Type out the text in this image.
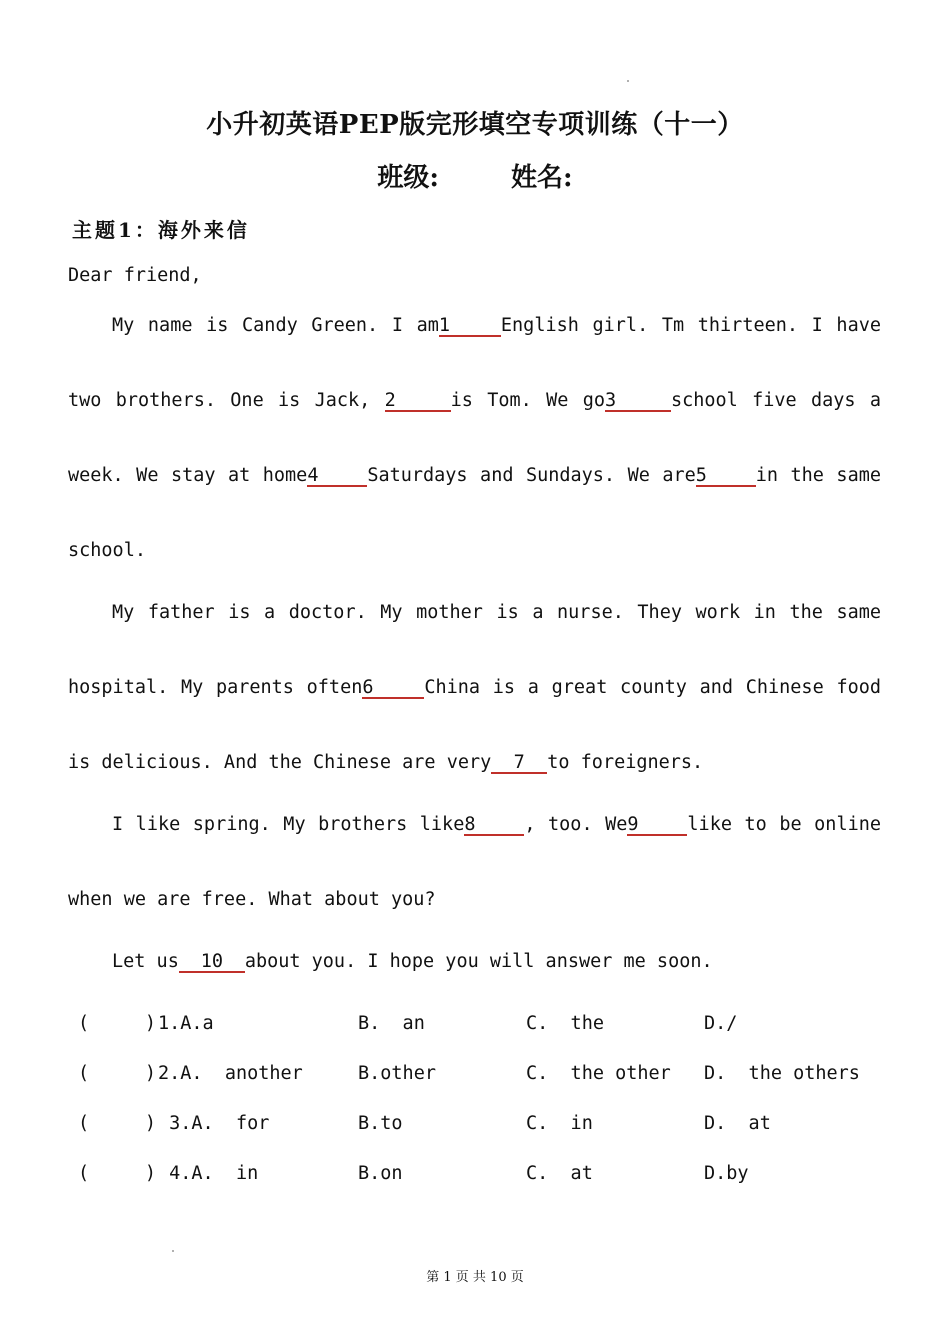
小升初英语PEP版完形填空专项训练（十一）
班级:	姓名:
主题1：海外来信
Dear friend,
My name is Candy Green. I am1	English girl. Tm thirteen. I have
two brothers. One is Jack, 2	is Tom. We go3	school five days a
week. We stay at home4	Saturdays and Sundays. We are5	in the same
school.
My father is a doctor. My mother is a nurse. They work in the same
hospital. My parents often6	China is a great county and Chinese food
is delicious. And the Chinese are very 7 to foreigners.
I like spring. My brothers like8	, too. We9	like to be online
when we are free. What about you?
Let us 10 about you. I hope you will answer me soon.
(     ) 1.A.a	B.  an	C.  the	D./
(     ) 2.A.  another	B.other	C.  the other D.  the others
(     ) 3.A.  for	B.to	C.  in	D.  at
(     ) 4.A.  in	B.on	C.  at	D.by
第 1 页 共 10 页
